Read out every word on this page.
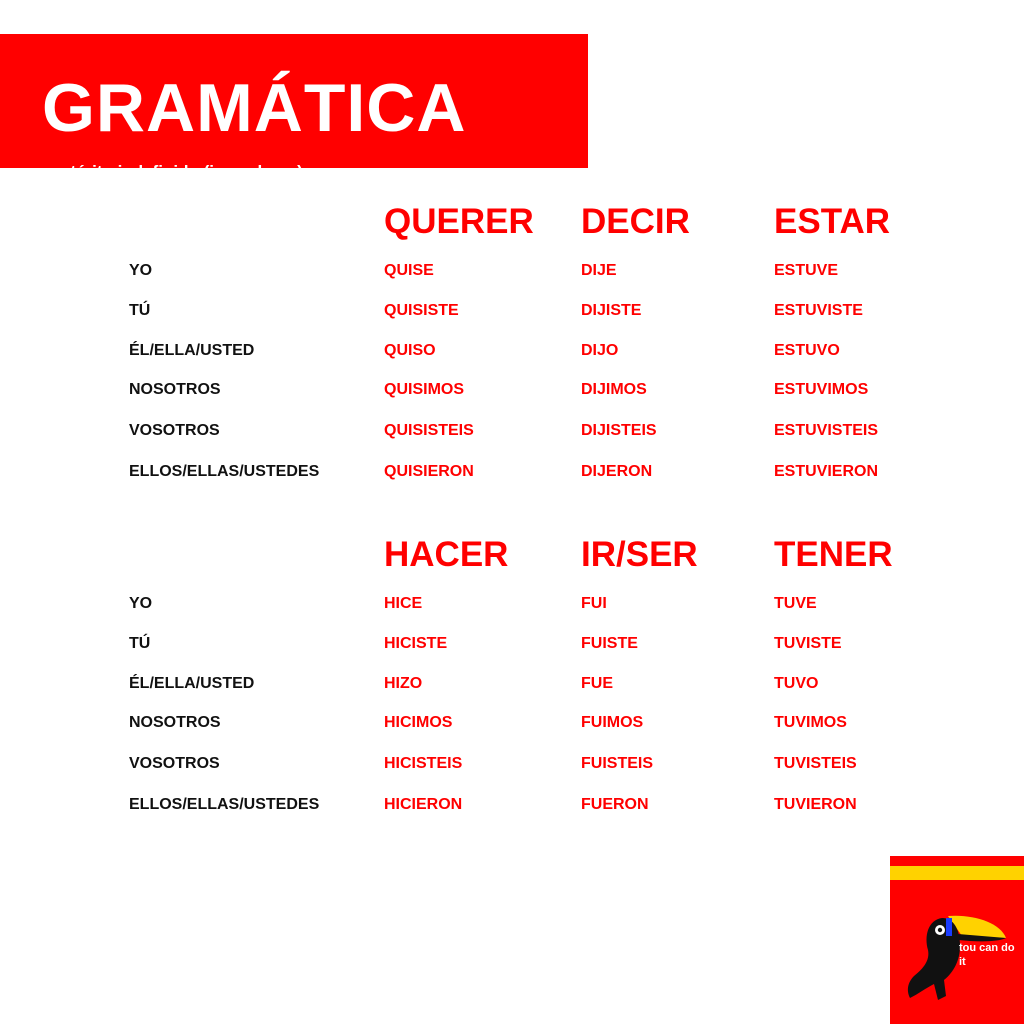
GRAMÁTICA
pretérito indefinido (irregulares)
QUERER DECIR ESTAR
YO	QUISE	DIJE	ESTUVE
TÚ	QUISISTE	DIJISTE	ESTUVISTE
ÉL/ELLA/USTED	QUISO	DIJO	ESTUVO
NOSOTROS	QUISIMOS	DIJIMOS	ESTUVIMOS
VOSOTROS	QUISISTEIS	DIJISTEIS	ESTUVISTEIS
ELLOS/ELLAS/USTEDES	QUISIERON	DIJERON	ESTUVIERON
HACER IR/SER TENER
YO	HICE	FUI	TUVE
TÚ	HICISTE	FUISTE	TUVISTE
ÉL/ELLA/USTED	HIZO	FUE	TUVO
NOSOTROS	HICIMOS	FUIMOS	TUVIMOS
VOSOTROS	HICISTEIS	FUISTEIS	TUVISTEIS
ELLOS/ELLAS/USTEDES	HICIERON	FUERON	TUVIERON
tou can do it
